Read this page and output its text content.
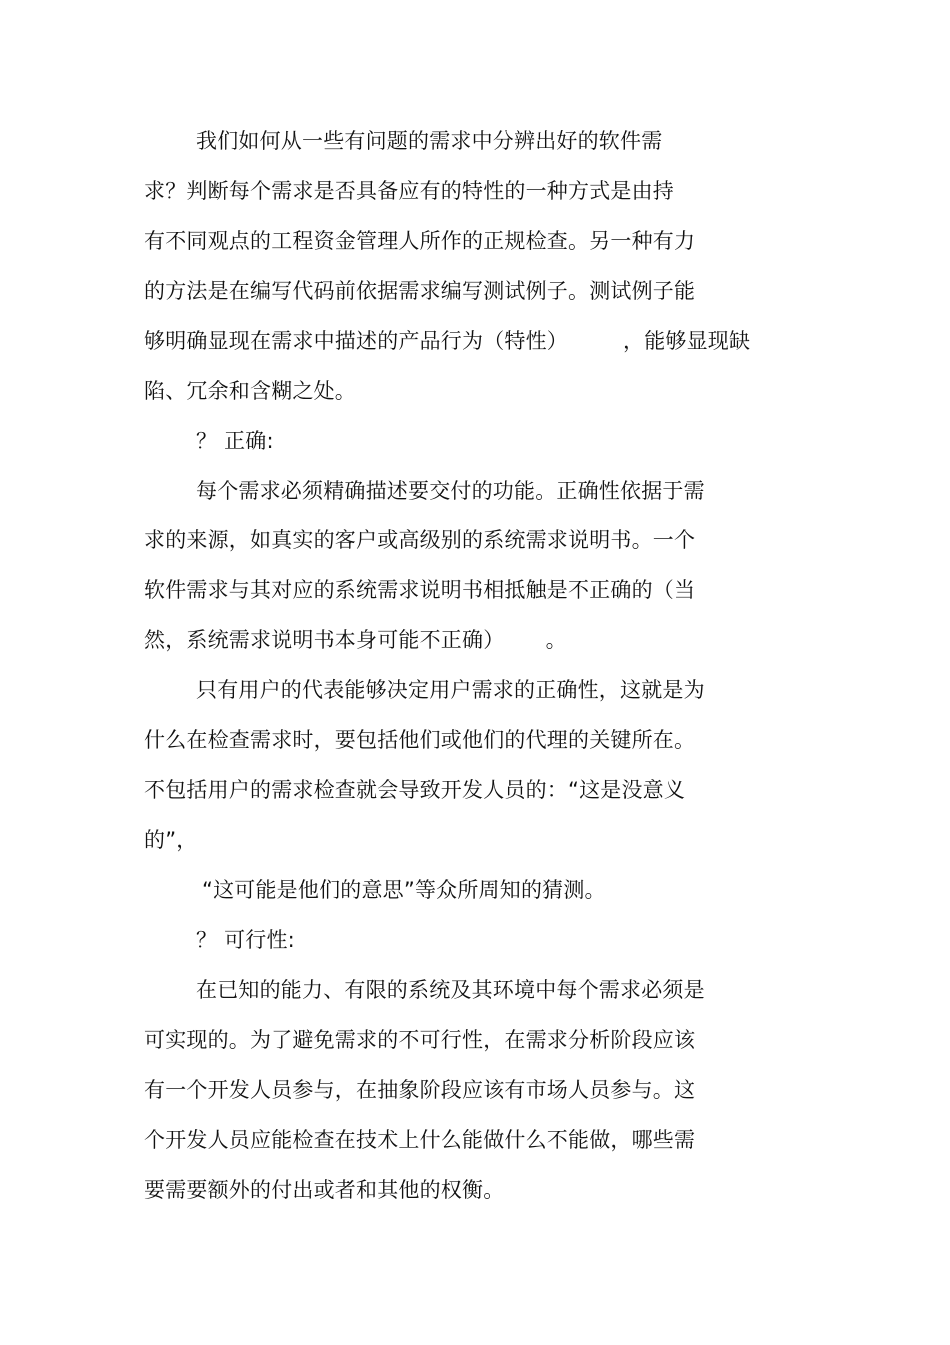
我们如何从一些有问题的需求中分辨出好的软件需
求？判断每个需求是否具备应有的特性的一种方式是由持
有不同观点的工程资金管理人所作的正规检查。另一种有力
的方法是在编写代码前依据需求编写测试例子。测试例子能
够明确显现在需求中描述的产品行为（特性）        ，能够显现缺
陷、冗余和含糊之处。
？ 正确:
每个需求必须精确描述要交付的功能。正确性依据于需
求的来源，如真实的客户或高级别的系统需求说明书。一个
软件需求与其对应的系统需求说明书相抵触是不正确的（当
然，系统需求说明书本身可能不正确）      。
只有用户的代表能够决定用户需求的正确性，这就是为
什么在检查需求时，要包括他们或他们的代理的关键所在。
不包括用户的需求检查就会导致开发人员的：“这是没意义
的”，
“这可能是他们的意思”等众所周知的猜测。
？ 可行性:
在已知的能力、有限的系统及其环境中每个需求必须是
可实现的。为了避免需求的不可行性，在需求分析阶段应该
有一个开发人员参与，在抽象阶段应该有市场人员参与。这
个开发人员应能检查在技术上什么能做什么不能做，哪些需
要需要额外的付出或者和其他的权衡。
